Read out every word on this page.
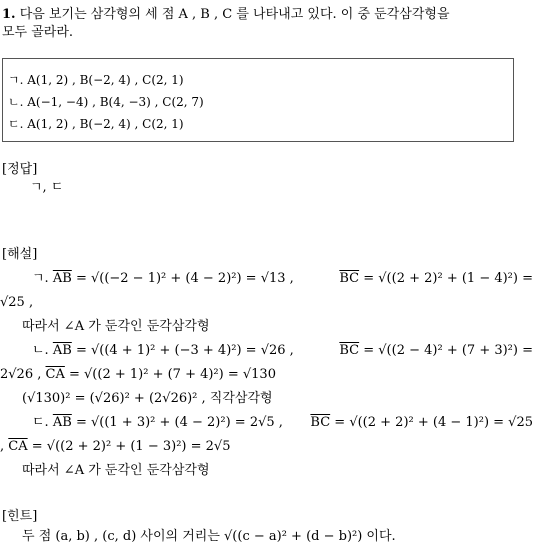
1. 다음 보기는 삼각형의 세 점 A , B , C 를 나타내고 있다. 이 중 둔각삼각형을
모두 골라라.
ㄱ. A(1, 2) , B(−2, 4) , C(2, 1)
ㄴ. A(−1, −4) , B(4, −3) , C(2, 7)
ㄷ. A(1, 2) , B(−2, 4) , C(2, 1)
[정답]
ㄱ, ㄷ
[해설]
ㄱ. $\overline{AB} = √((-2 - 1)^2 + (4 - 2)^2) = √13$ ,	$\overline{BC} = √((2 + 2)^2 + (1 - 4)^2)$ =
√25 ,
따라서 ∠A 가 둔각인 둔각삼각형
ㄴ. $\overline{AB} = √((4 + 1)^2 + (-3 + 4)^2) = √26$ ,	$\overline{BC} = √((2 - 4)^2 + (7 + 3)^2)$ =
2√26 , $\overline{CA} = √((2 + 1)^2 + (7 + 4)^2) = √130$
(√130)² = (√26)² + (2√26)² , 직각삼각형
ㄷ. $\overline{AB} = √((1 + 3)^2 + (4 - 2)^2) = 2√5$ , $\overline{BC} = √((2 + 2)^2 + (4 - 1)^2) = √25$
, $\overline{CA} = √((2 + 2)^2 + (1 - 3)^2) = 2√5$
따라서 ∠A 가 둔각인 둔각삼각형
[힌트]
두 점 (a, b) , (c, d) 사이의 거리는 √((c − a)² + (d − b)²) 이다.
